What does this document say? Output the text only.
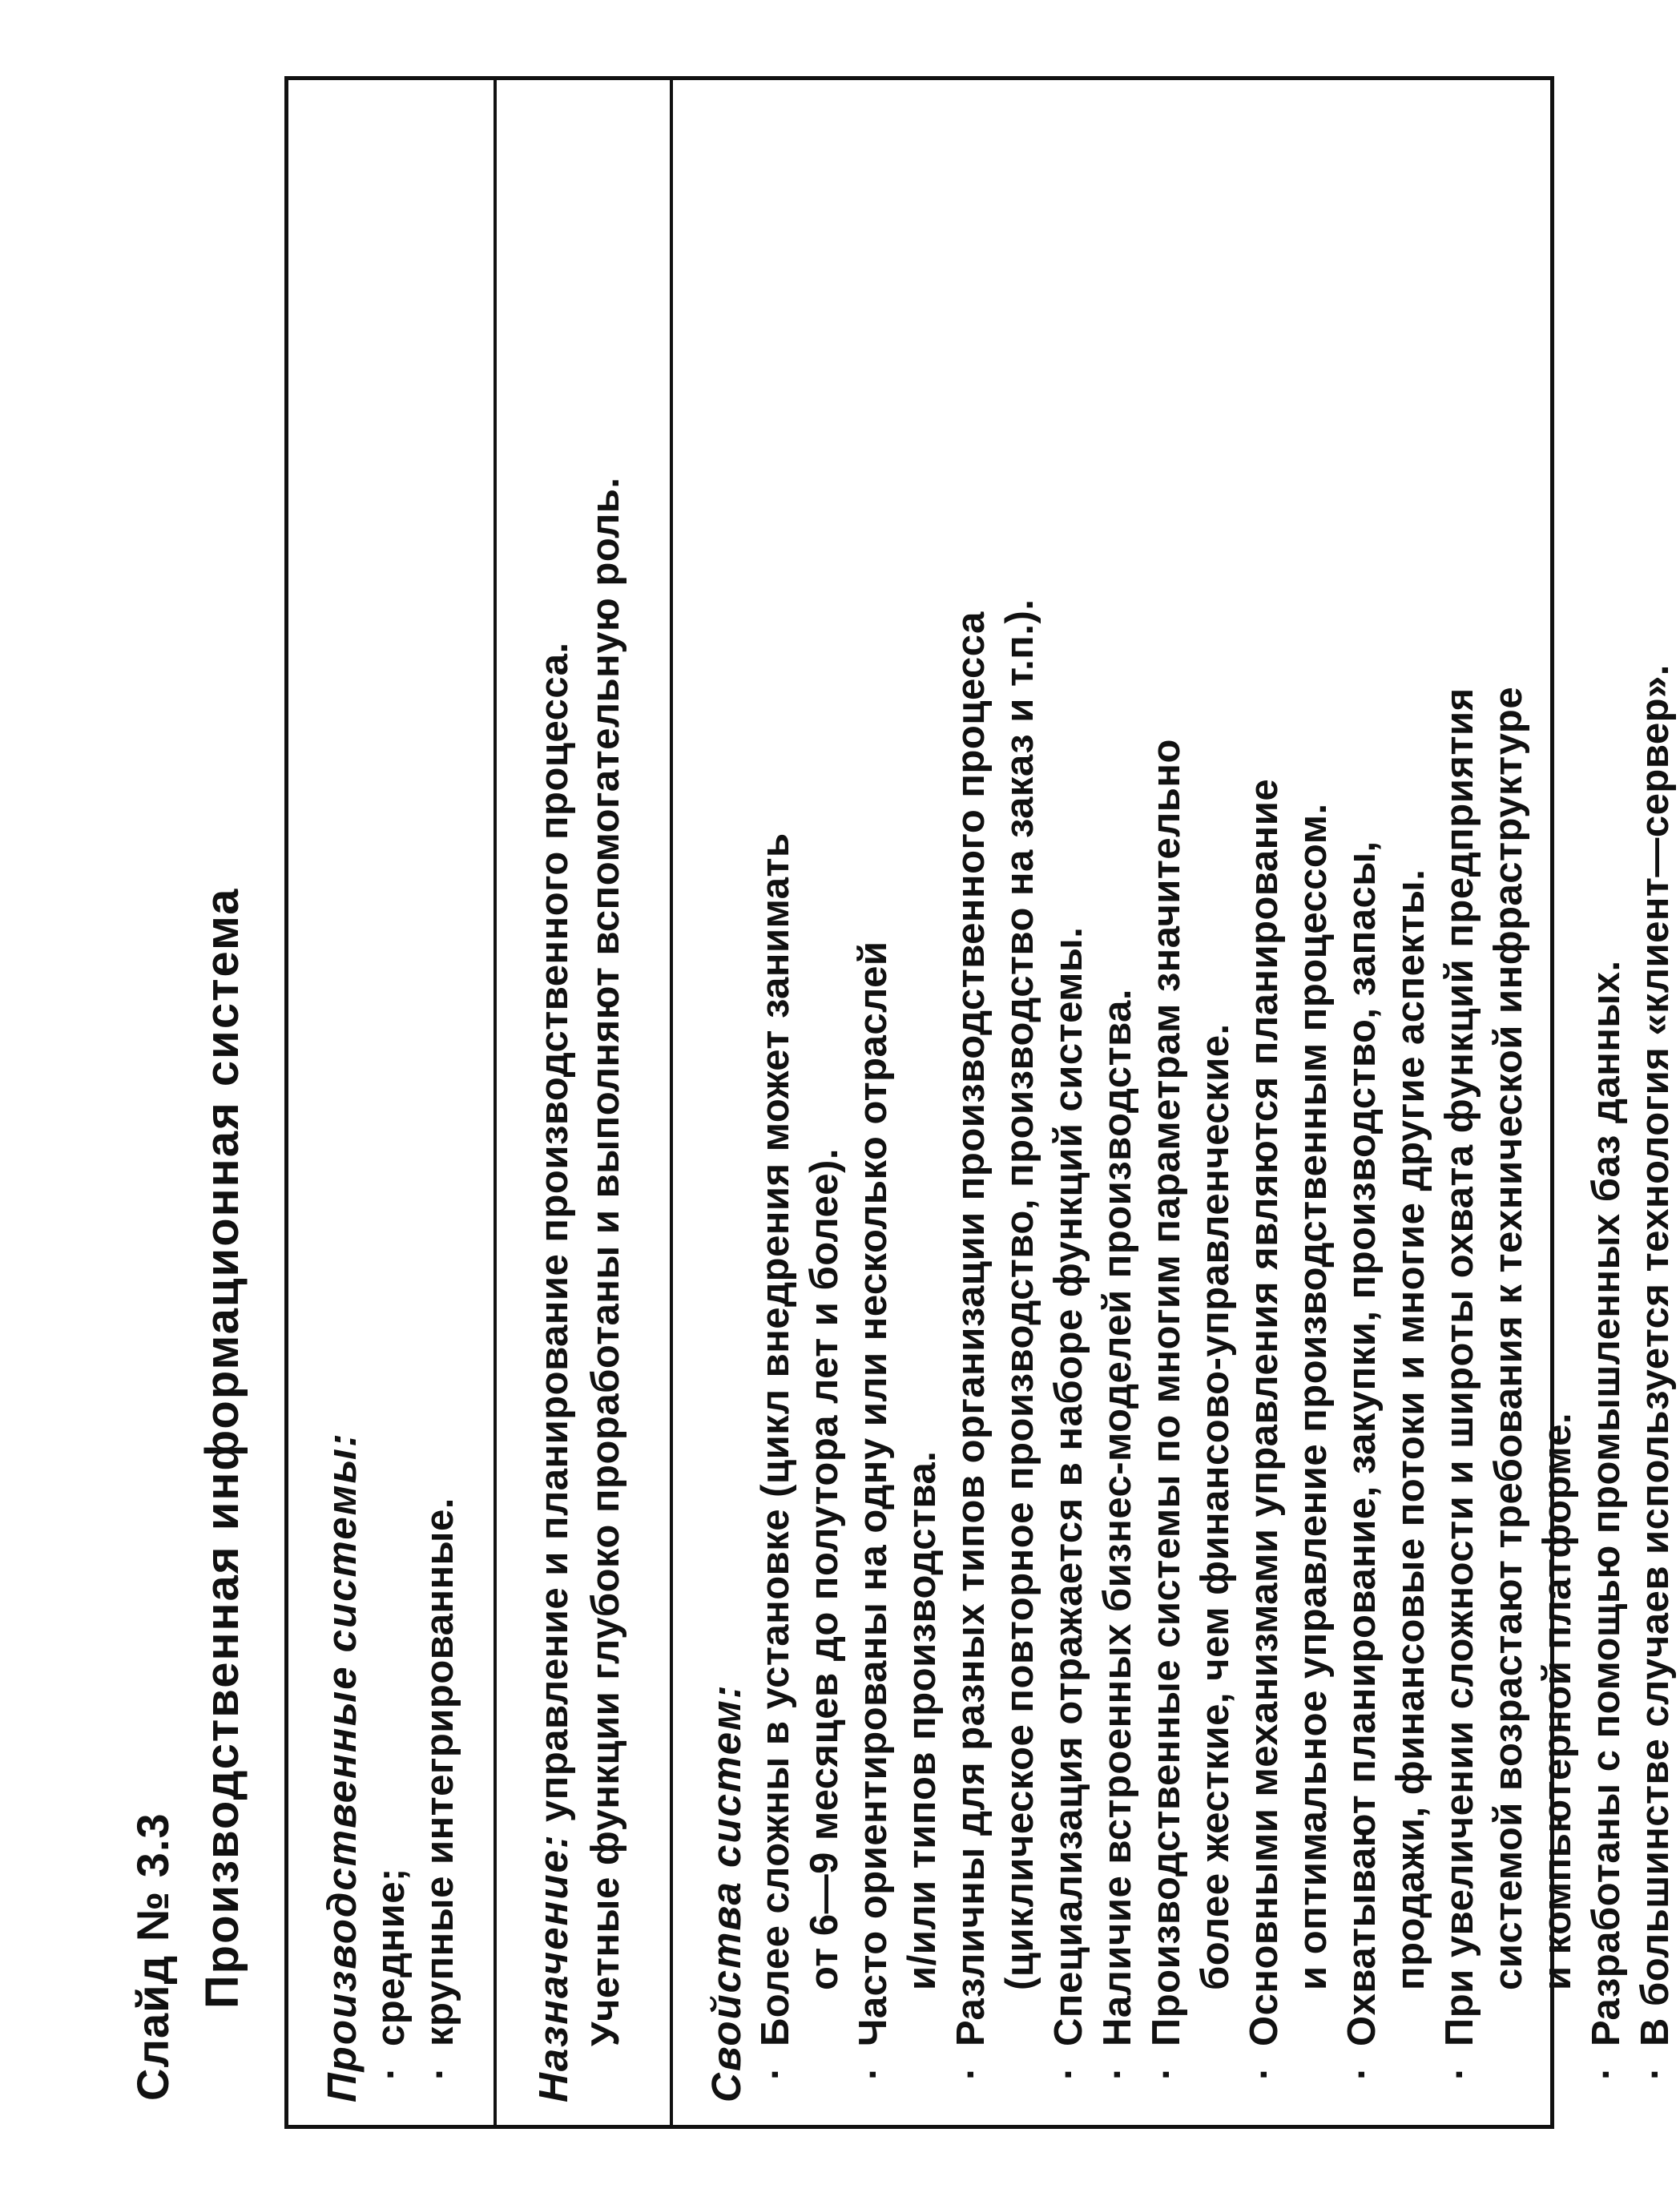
Слайд № 3.3 Производственная информационная система Производственные системы: · средние; · крупные интегрированные. Назначение: управление и планирование производственного процесса. Учетные функции глубоко проработаны и выполняют вспомогательную роль. Свойства систем: · Более сложны в установке (цикл внедрения может занимать от 6—9 месяцев до полутора лет и более). · Часто ориентированы на одну или несколько отраслей и/или типов производства. · Различны для разных типов организации производственного процесса (циклическое повторное производство, производство на заказ и т.п.). · Специализация отражается в наборе функций системы. · Наличие встроенных бизнес-моделей производства. · Производственные системы по многим параметрам значительно более жесткие, чем финансово-управленческие. · Основными механизмами управления являются планирование и оптимальное управление производственным процессом. · Охватывают планирование, закупки, производство, запасы, продажи, финансовые потоки и многие другие аспекты. · При увеличении сложности и широты охвата функций предприятия системой возрастают требования к технической инфраструктуре и компьютерной платформе. · Разработаны с помощью промышленных баз данных. · В большинстве случаев используется технология «клиент—сервер».
